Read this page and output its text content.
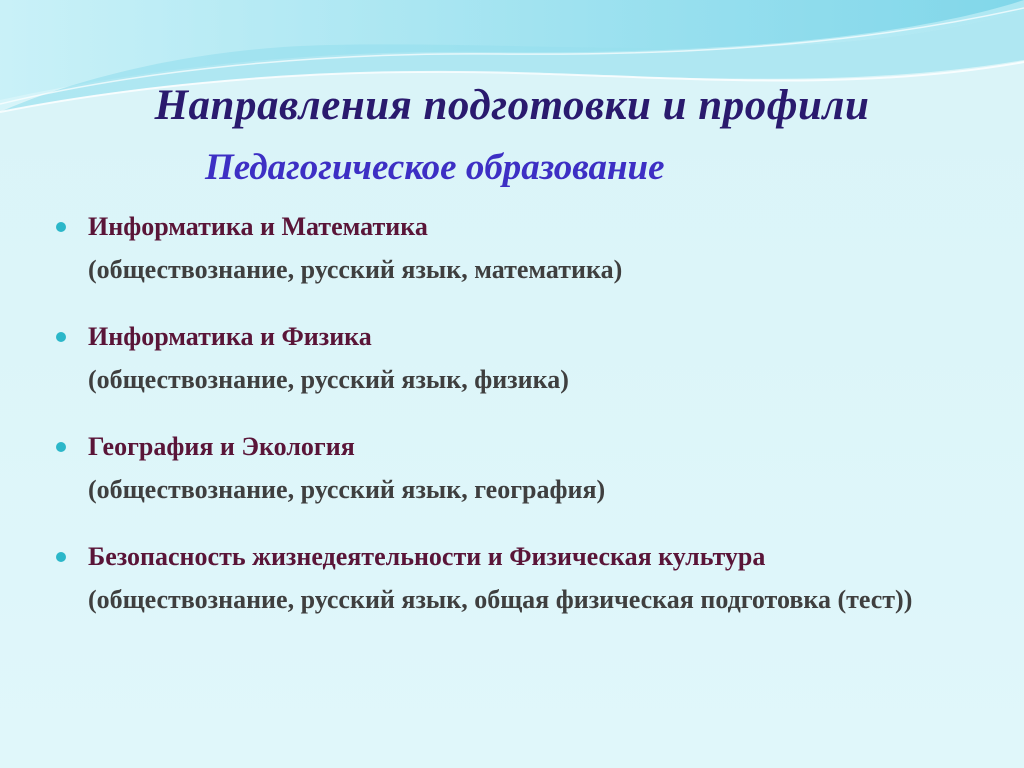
Направления подготовки и профили
Педагогическое образование
Информатика и Математика
(обществознание, русский язык, математика)
Информатика и Физика
(обществознание, русский язык, физика)
География и Экология
(обществознание, русский язык, география)
Безопасность жизнедеятельности и Физическая культура
(обществознание, русский язык, общая физическая подготовка (тест))
